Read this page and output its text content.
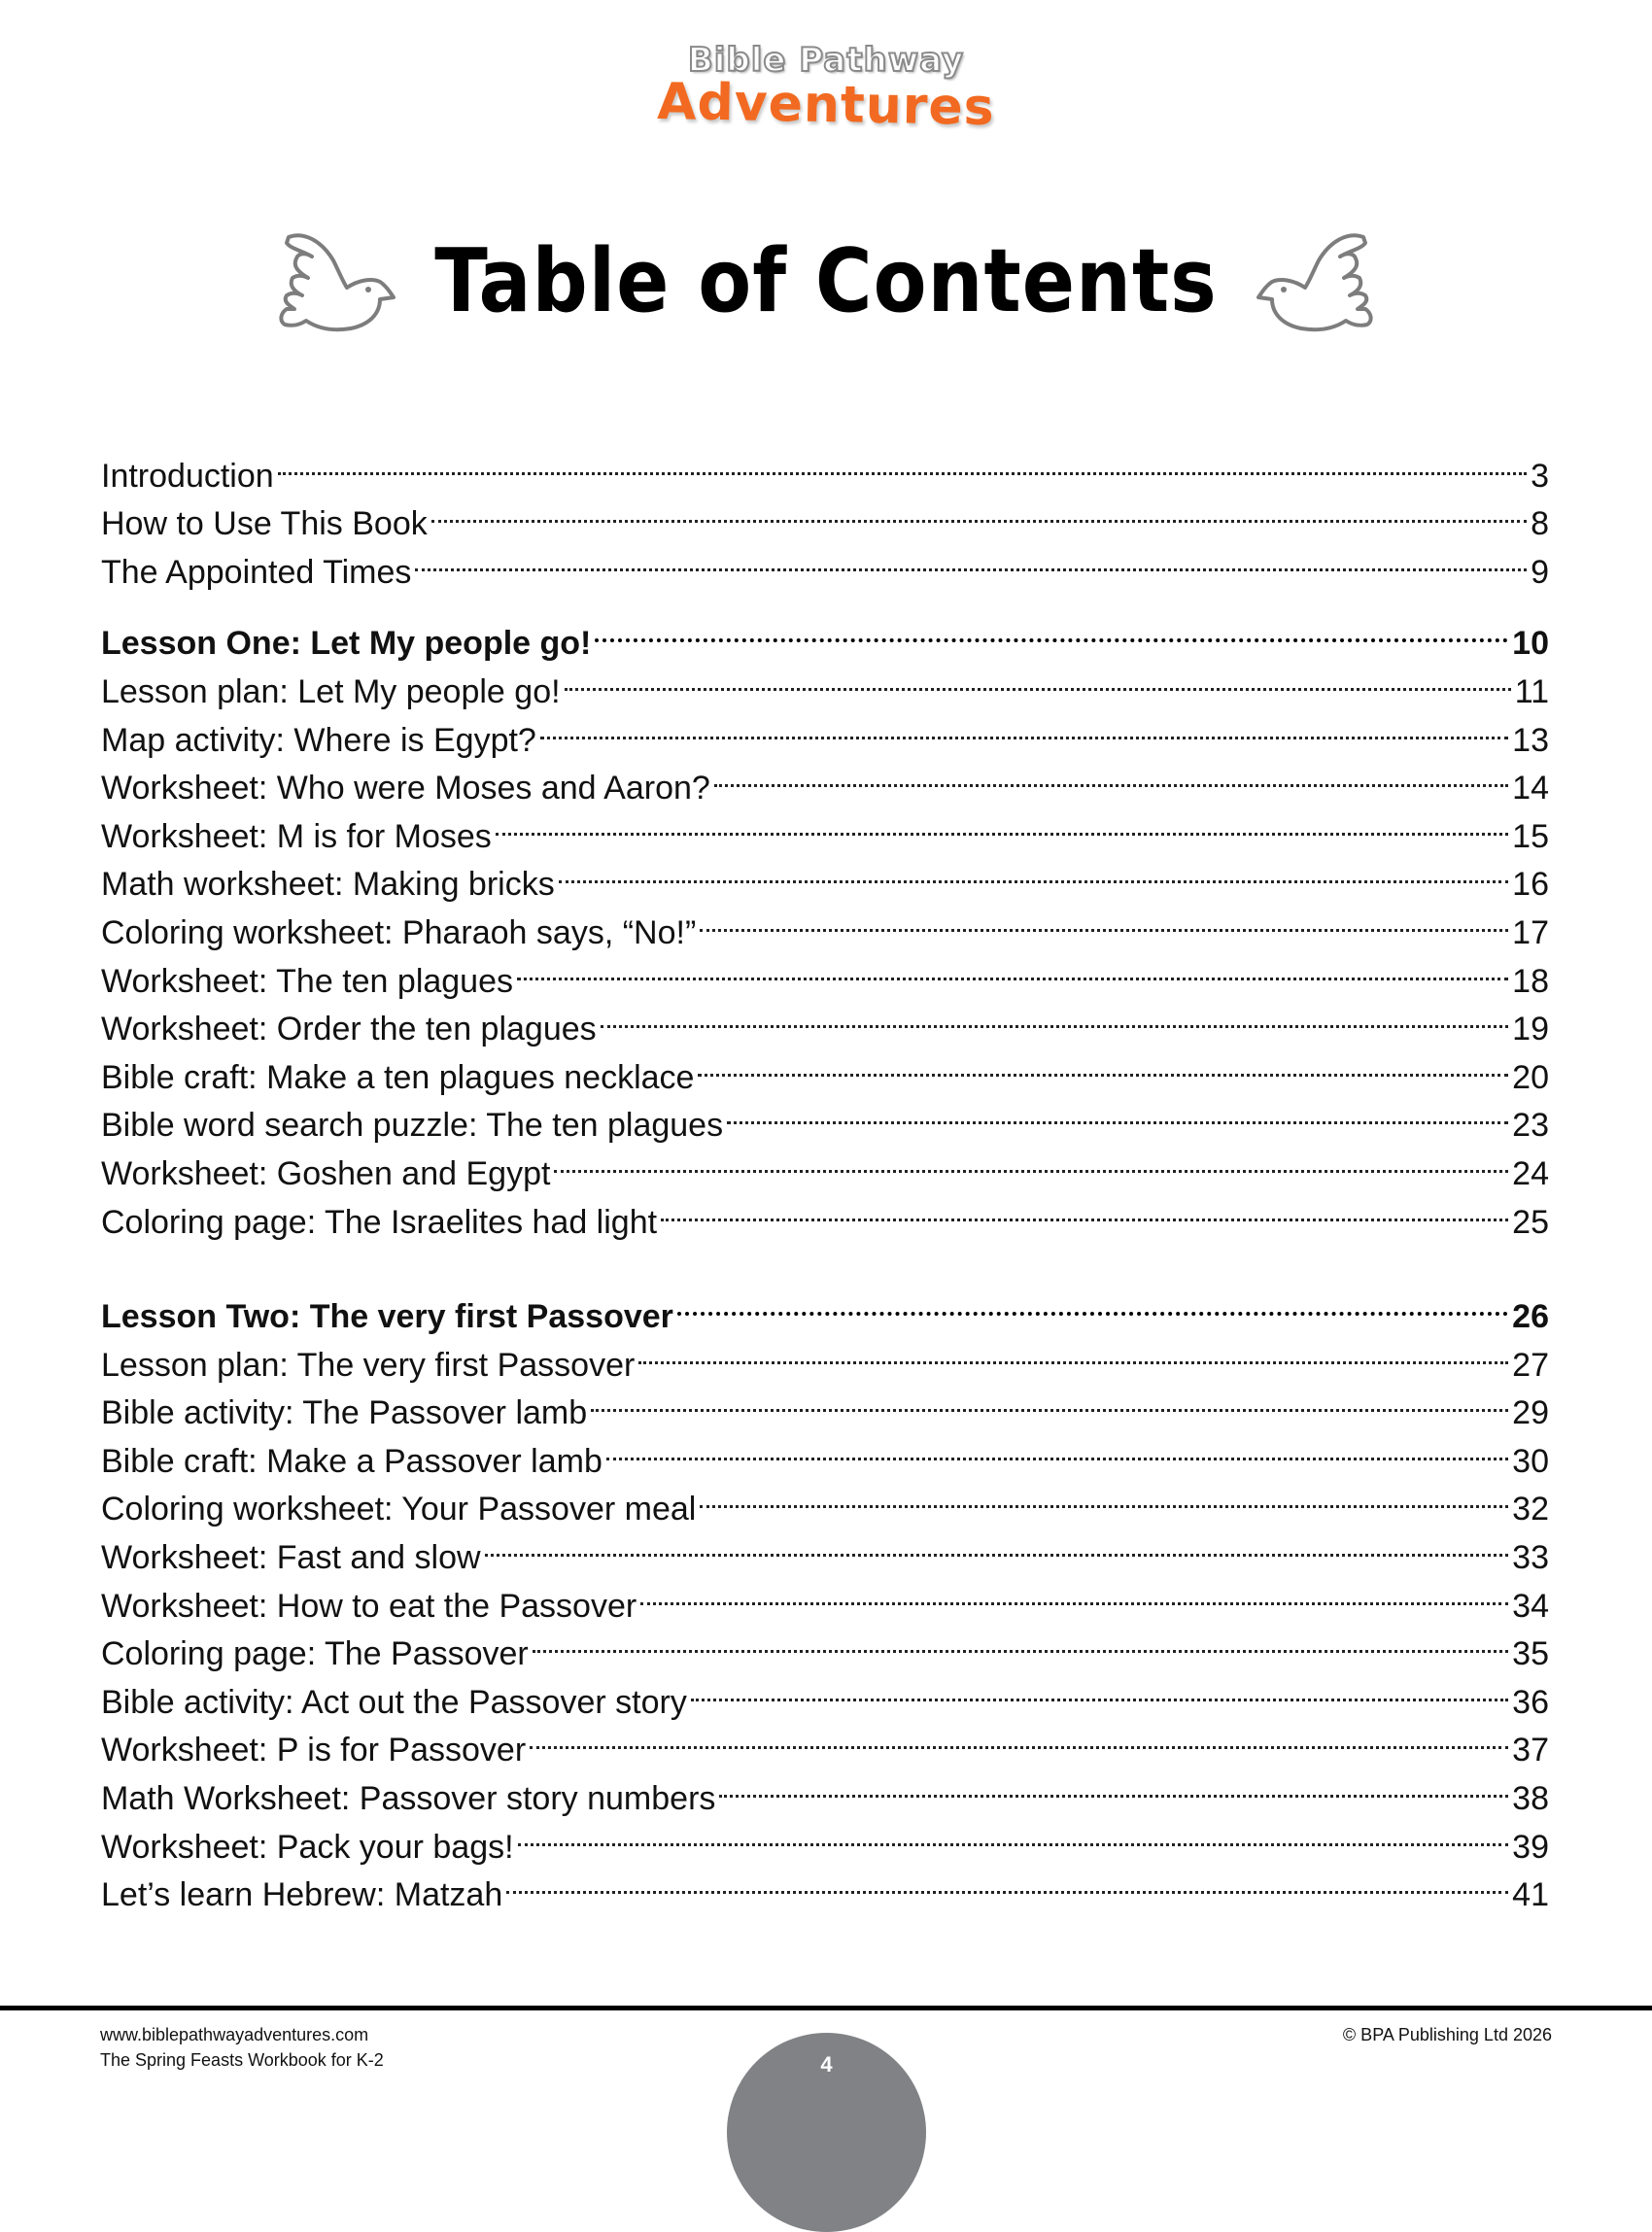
Bible Pathway
Adventures
Table of Contents
Introduction	3
How to Use This Book	8
The Appointed Times	9
Lesson One: Let My people go!	10
Lesson plan: Let My people go!	11
Map activity: Where is Egypt?	13
Worksheet: Who were Moses and Aaron?	14
Worksheet: M is for Moses	15
Math worksheet: Making bricks	16
Coloring worksheet: Pharaoh says, “No!”	17
Worksheet: The ten plagues	18
Worksheet: Order the ten plagues	19
Bible craft: Make a ten plagues necklace	20
Bible word search puzzle: The ten plagues	23
Worksheet: Goshen and Egypt	24
Coloring page: The Israelites had light	25
Lesson Two: The very first Passover	26
Lesson plan: The very first Passover	27
Bible activity: The Passover lamb	29
Bible craft: Make a Passover lamb	30
Coloring worksheet: Your Passover meal	32
Worksheet: Fast and slow	33
Worksheet: How to eat the Passover	34
Coloring page: The Passover	35
Bible activity: Act out the Passover story	36
Worksheet: P is for Passover	37
Math Worksheet: Passover story numbers	38
Worksheet: Pack your bags!	39
Let’s learn Hebrew: Matzah	41
www.biblepathwayadventures.com
The Spring Feasts Workbook for K-2
© BPA Publishing Ltd 2026
4
